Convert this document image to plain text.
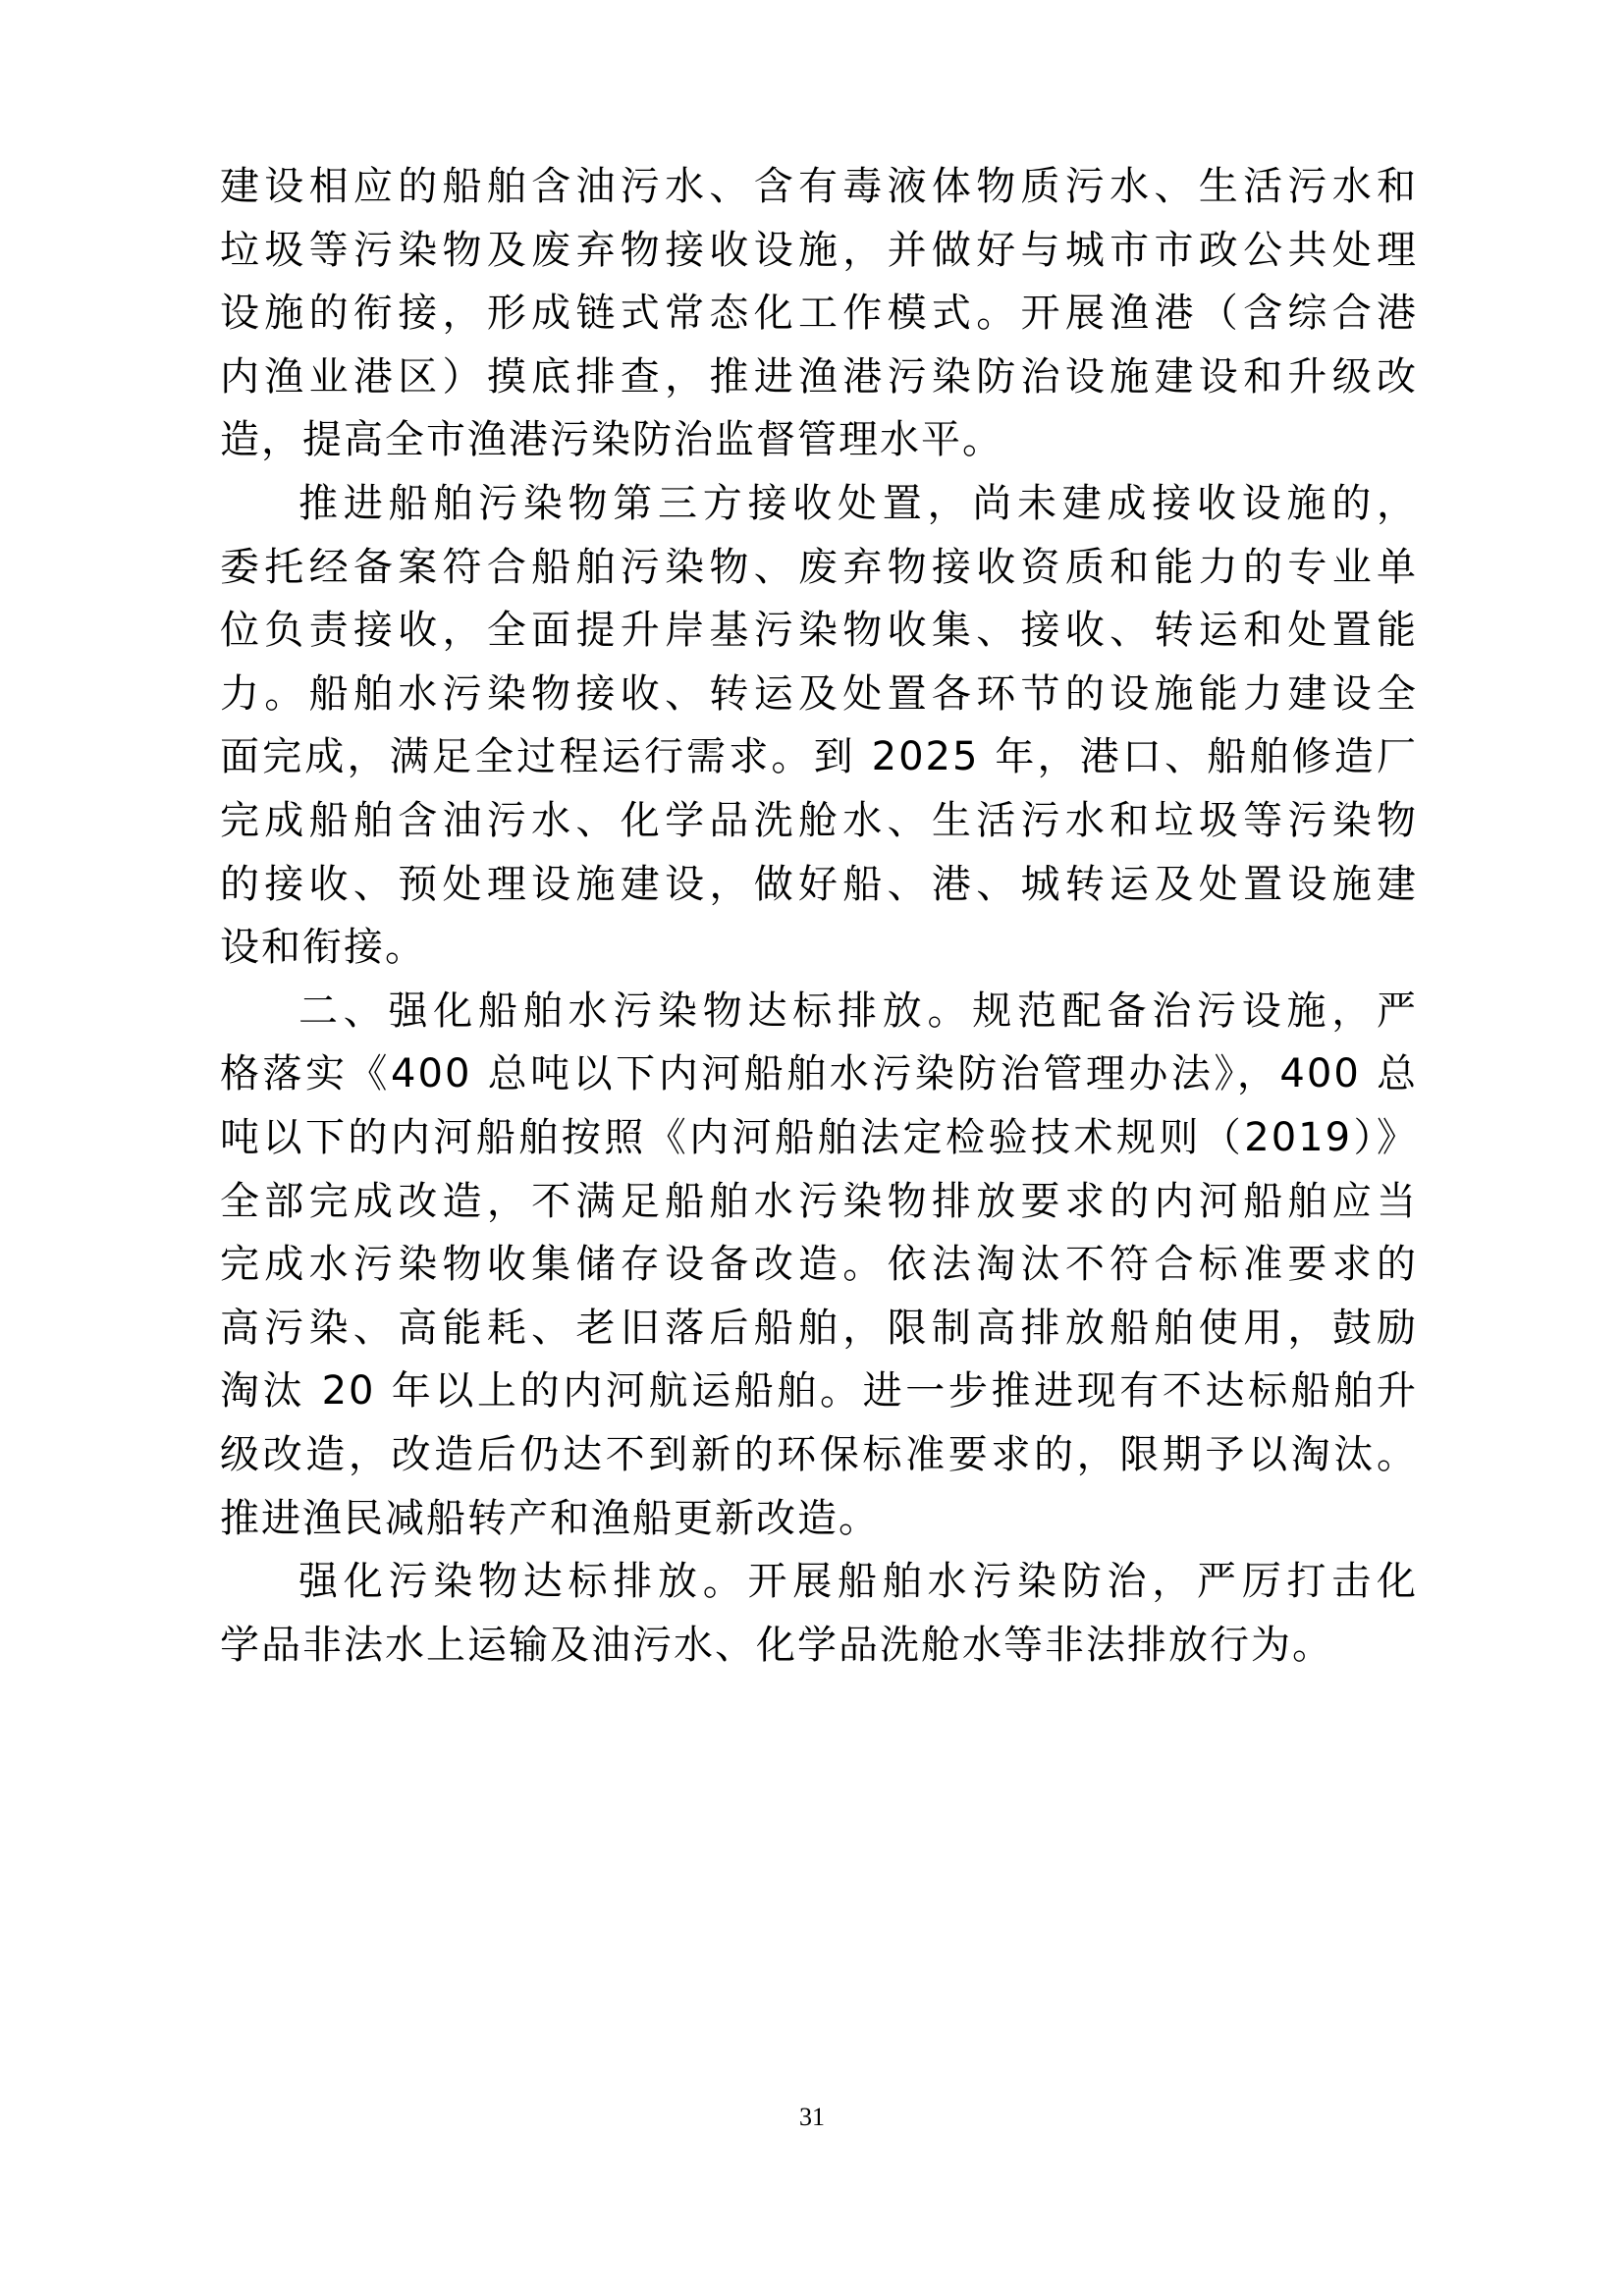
建设相应的船舶含油污水、含有毒液体物质污水、生活污水和
垃圾等污染物及废弃物接收设施，并做好与城市市政公共处理
设施的衔接，形成链式常态化工作模式。开展渔港（含综合港
内渔业港区）摸底排查，推进渔港污染防治设施建设和升级改
造，提高全市渔港污染防治监督管理水平。
推进船舶污染物第三方接收处置，尚未建成接收设施的，
委托经备案符合船舶污染物、废弃物接收资质和能力的专业单
位负责接收，全面提升岸基污染物收集、接收、转运和处置能
力。船舶水污染物接收、转运及处置各环节的设施能力建设全
面完成，满足全过程运行需求。到 2025 年，港口、船舶修造厂
完成船舶含油污水、化学品洗舱水、生活污水和垃圾等污染物
的接收、预处理设施建设，做好船、港、城转运及处置设施建
设和衔接。
二、强化船舶水污染物达标排放。规范配备治污设施，严
格落实《400 总吨以下内河船舶水污染防治管理办法》，400 总
吨以下的内河船舶按照《内河船舶法定检验技术规则（2019）》
全部完成改造，不满足船舶水污染物排放要求的内河船舶应当
完成水污染物收集储存设备改造。依法淘汰不符合标准要求的
高污染、高能耗、老旧落后船舶，限制高排放船舶使用，鼓励
淘汰 20 年以上的内河航运船舶。进一步推进现有不达标船舶升
级改造，改造后仍达不到新的环保标准要求的，限期予以淘汰。
推进渔民减船转产和渔船更新改造。
强化污染物达标排放。开展船舶水污染防治，严厉打击化
学品非法水上运输及油污水、化学品洗舱水等非法排放行为。
31
